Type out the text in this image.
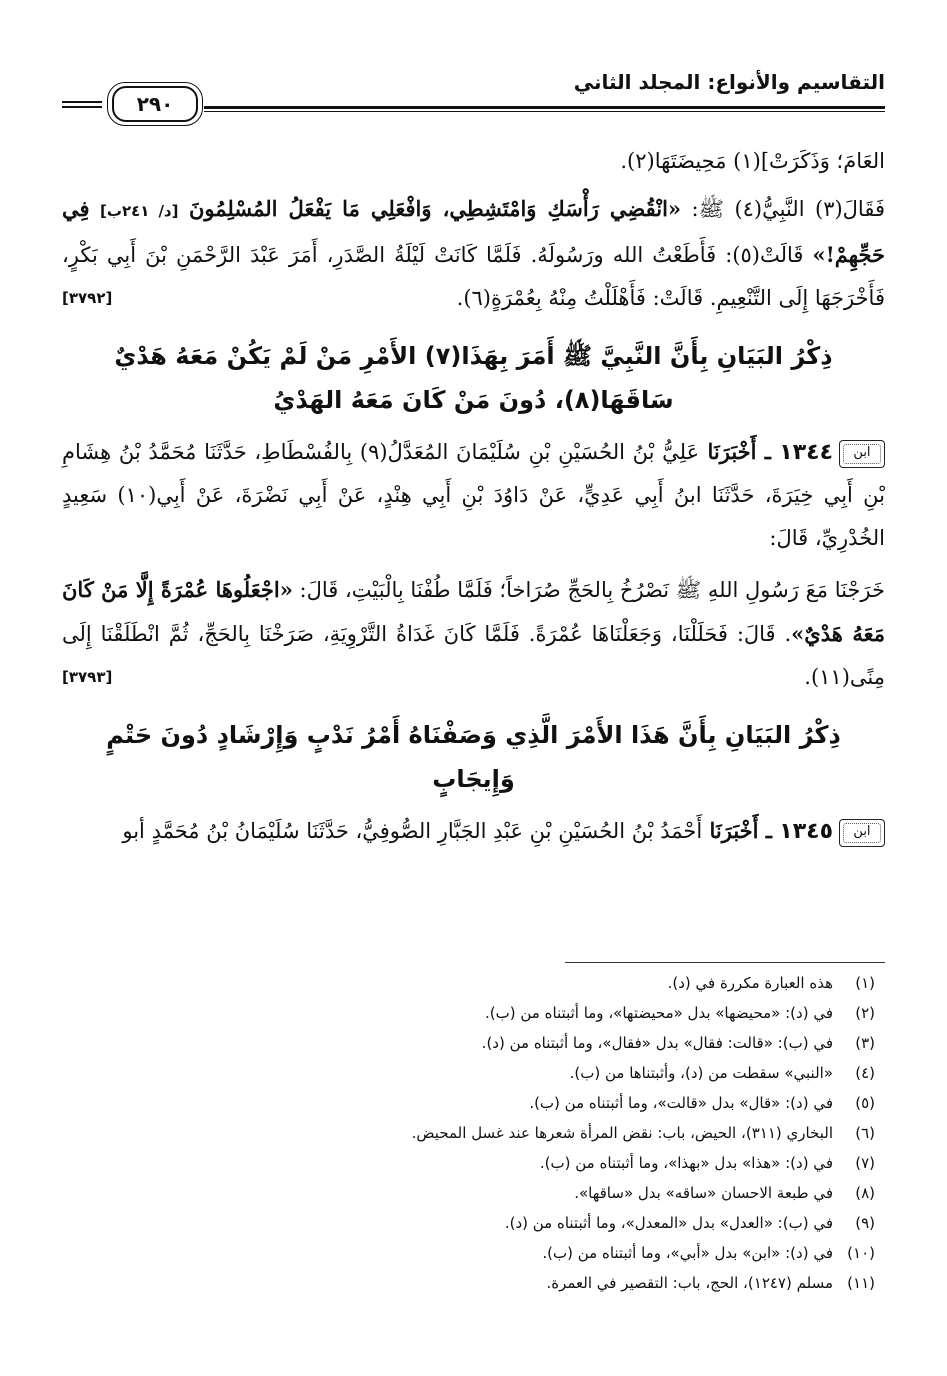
التقاسيم والأنواع: المجلد الثاني
٢٩٠

العَامَ؛ وَذَكَرَتْ](١) مَحِيضَتَهَا(٢).

فَقَالَ(٣) النَّبِيُّ(٤) ﷺ: «انْقُضِي رَأْسَكِ وَامْتَشِطِي، وَافْعَلِي مَا يَفْعَلُ المُسْلِمُونَ [د/ ٢٤١ب] فِي حَجِّهِمْ!» قَالَتْ(٥): فَأَطَعْتُ الله ورَسُولَهُ. فَلَمَّا كَانَتْ لَيْلَةُ الصَّدَرِ، أَمَرَ عَبْدَ الرَّحْمَنِ بْنَ أَبِي بَكْرٍ، فَأَخْرَجَهَا إِلَى التَّنْعِيمِ. قَالَتْ: فَأَهْلَلْتُ مِنْهُ بِعُمْرَةٍ(٦).
[٣٧٩٢]

ذِكْرُ البَيَانِ بِأَنَّ النَّبِيَّ ﷺ أَمَرَ بِهَذَا(٧) الأَمْرِ مَنْ لَمْ يَكُنْ مَعَهُ هَدْيٌ سَاقَهَا(٨)، دُونَ مَنْ كَانَ مَعَهُ الهَدْيُ

ابن١٣٤٤ ـ أَخْبَرَنَا عَلِيُّ بْنُ الحُسَيْنِ بْنِ سُلَيْمَانَ المُعَدَّلُ(٩) بِالفُسْطَاطِ، حَدَّثَنَا مُحَمَّدُ بْنُ هِشَامِ بْنِ أَبِي خِيَرَةَ، حَدَّثَنَا ابنُ أَبِي عَدِيٍّ، عَنْ دَاوُدَ بْنِ أَبِي هِنْدٍ، عَنْ أَبِي نَضْرَةَ، عَنْ أَبِي(١٠) سَعِيدٍ الخُدْرِيِّ، قَالَ:

خَرَجْنَا مَعَ رَسُولِ اللهِ ﷺ نَصْرُخُ بِالحَجِّ صُرَاخاً؛ فَلَمَّا طُفْنَا بِالْبَيْتِ، قَالَ: «اجْعَلُوهَا عُمْرَةً إِلَّا مَنْ كَانَ مَعَهُ هَدْيٌ». قَالَ: فَحَلَلْنَا، وَجَعَلْنَاهَا عُمْرَةً. فَلَمَّا كَانَ غَدَاةُ التَّرْوِيَةِ، صَرَخْنَا بِالحَجِّ، ثُمَّ انْطَلَقْنَا إِلَى مِنًى(١١).
[٣٧٩٣]

ذِكْرُ البَيَانِ بِأَنَّ هَذَا الأَمْرَ الَّذِي وَصَفْنَاهُ أَمْرُ نَدْبٍ وَإِرْشَادٍ دُونَ حَتْمٍ وَإِيجَابٍ

ابن١٣٤٥ ـ أَخْبَرَنَا أَحْمَدُ بْنُ الحُسَيْنِ بْنِ عَبْدِ الجَبَّارِ الصُّوفِيُّ، حَدَّثَنَا سُلَيْمَانُ بْنُ مُحَمَّدٍ أبو

(١)
هذه العبارة مكررة في (د).
(٢)
في (د): «محيضها» بدل «محيضتها»، وما أثبتناه من (ب).
(٣)
في (ب): «قالت: فقال» بدل «فقال»، وما أثبتناه من (د).
(٤)
«النبي» سقطت من (د)، وأثبتناها من (ب).
(٥)
في (د): «قال» بدل «قالت»، وما أثبتناه من (ب).
(٦)
البخاري (٣١١)، الحيض، باب: نقض المرأة شعرها عند غسل المحيض.
(٧)
في (د): «هذا» بدل «بهذا»، وما أثبتناه من (ب).
(٨)
في طبعة الاحسان «ساقه» بدل «ساقها».
(٩)
في (ب): «العدل» بدل «المعدل»، وما أثبتناه من (د).
(١٠)
في (د): «ابن» بدل «أبي»، وما أثبتناه من (ب).
(١١)
مسلم (١٢٤٧)، الحج، باب: التقصير في العمرة.
